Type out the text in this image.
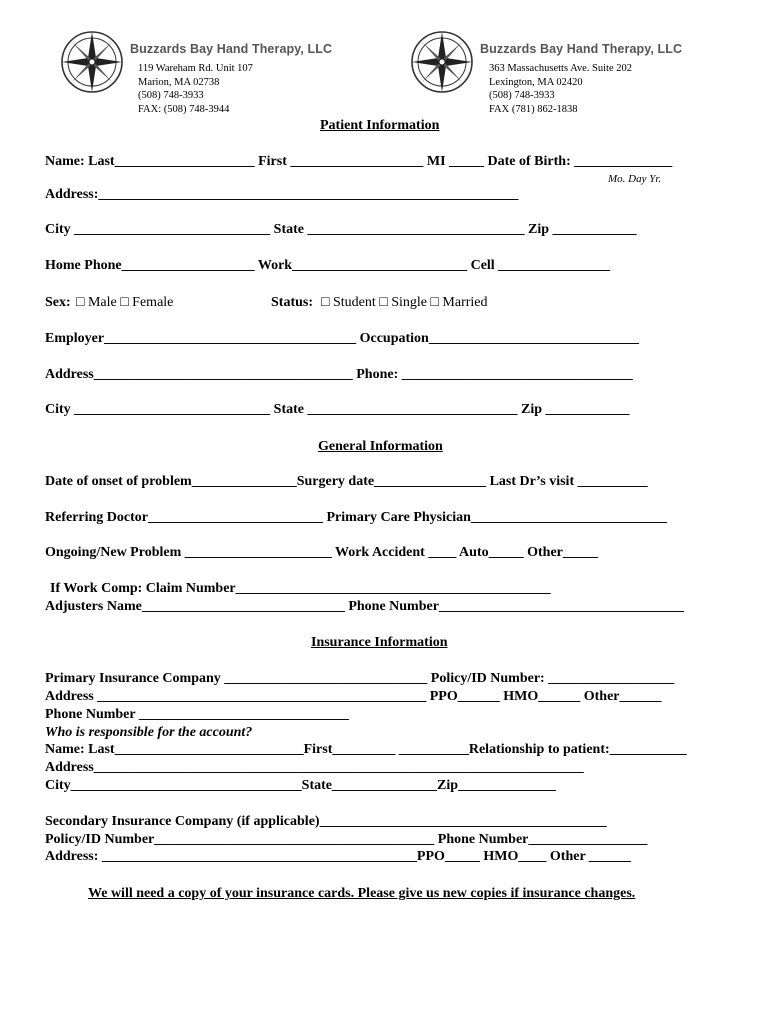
Buzzards Bay Hand Therapy, LLC
119 Wareham Rd. Unit 107
Marion, MA 02738
(508) 748-3933
FAX: (508) 748-3944
Buzzards Bay Hand Therapy, LLC
363 Massachusetts Ave. Suite 202
Lexington, MA 02420
(508) 748-3933
FAX (781) 862-1838
Patient Information
Name: Last____________________ First ___________________ MI _____ Date of Birth: ______________
Mo. Day Yr.
Address:____________________________________________________________
City ____________________________ State _______________________________ Zip ____________
Home Phone___________________ Work_________________________ Cell ________________
Sex: □ Male □ Female	Status: □ Student □ Single □ Married
Employer____________________________________ Occupation______________________________
Address_____________________________________ Phone: _________________________________
City ____________________________ State ______________________________ Zip ____________
General Information
Date of onset of problem_______________Surgery date________________ Last Dr’s visit __________
Referring Doctor_________________________ Primary Care Physician____________________________
Ongoing/New Problem _____________________ Work Accident ____ Auto_____ Other_____
If Work Comp: Claim Number_____________________________________________
Adjusters Name_____________________________ Phone Number___________________________________
Insurance Information
Primary Insurance Company _____________________________ Policy/ID Number: __________________
Address _______________________________________________ PPO______ HMO______ Other______
Phone Number ______________________________
Who is responsible for the account?
Name: Last___________________________First_________ __________Relationship to patient:___________
Address______________________________________________________________________
City_________________________________State_______________Zip______________
Secondary Insurance Company (if applicable)_________________________________________
Policy/ID Number________________________________________ Phone Number_________________
Address: _____________________________________________PPO_____ HMO____ Other ______
We will need a copy of your insurance cards. Please give us new copies if insurance changes.
